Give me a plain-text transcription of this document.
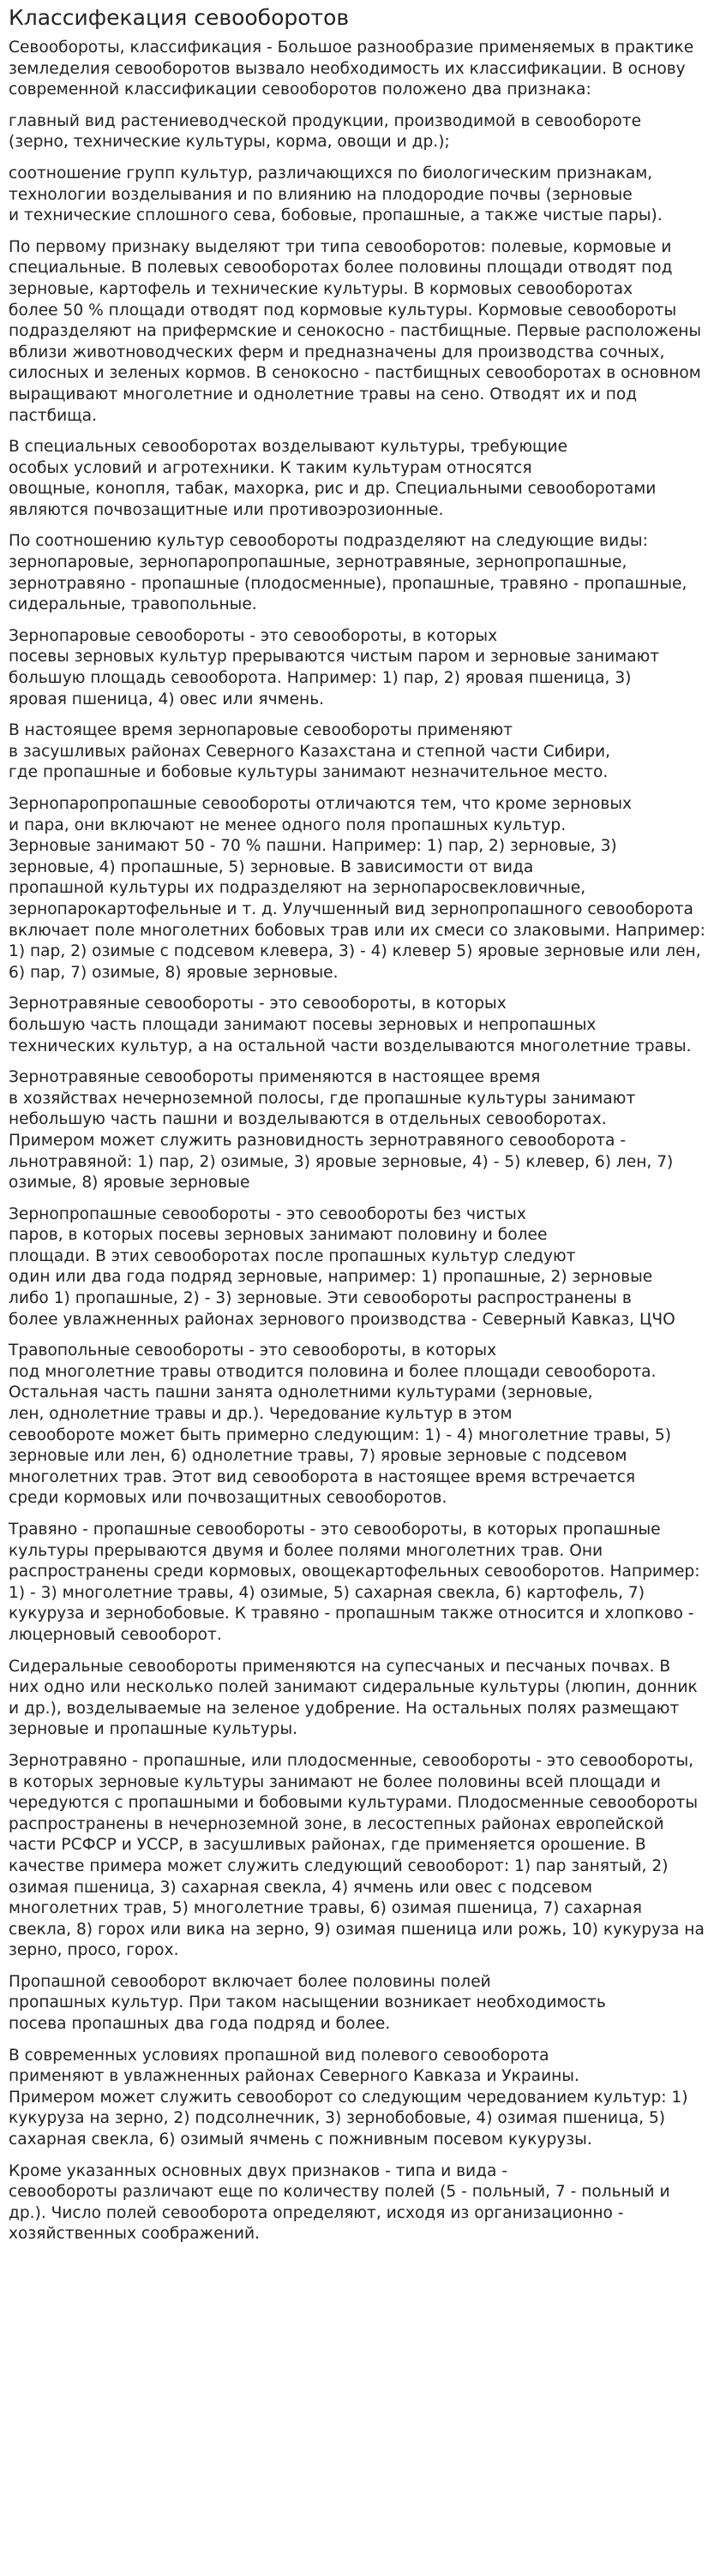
Классифекация севооборотов

Севообороты, классификация - Большое разнообразие применяемых в практике
земледелия севооборотов вызвало необходимость их классификации. В основу
современной классификации севооборотов положено два признака:

главный вид растениеводческой продукции, производимой в севообороте
(зерно, технические культуры, корма, овощи и др.);

соотношение групп культур, различающихся по биологическим признакам,
технологии возделывания и по влиянию на плодородие почвы (зерновые
и технические сплошного сева, бобовые, пропашные, а также чистые пары).

По первому признаку выделяют три типа севооборотов: полевые, кормовые и
специальные. В полевых севооборотах более половины площади отводят под
зерновые, картофель и технические культуры. В кормовых севооборотах
более 50 % площади отводят под кормовые культуры. Кормовые севообороты
подразделяют на прифермские и сенокосно - пастбищные. Первые расположены
вблизи животноводческих ферм и предназначены для производства сочных,
силосных и зеленых кормов. В сенокосно - пастбищных севооборотах в основном
выращивают многолетние и однолетние травы на сено. Отводят их и под
пастбища.

В специальных севооборотах возделывают культуры, требующие
особых условий и агротехники. К таким культурам относятся
овощные, конопля, табак, махорка, рис и др. Специальными севооборотами
являются почвозащитные или противоэрозионные.

По соотношению культур севообороты подразделяют на следующие виды:
зернопаровые, зернопаропропашные, зернотравяные, зернопропашные,
зернотравяно - пропашные (плодосменные), пропашные, травяно - пропашные,
сидеральные, травопольные.

Зернопаровые севообороты - это севообороты, в которых
посевы зерновых культур прерываются чистым паром и зерновые занимают
большую площадь севооборота. Например: 1) пар, 2) яровая пшеница, 3)
яровая пшеница, 4) овес или ячмень.

В настоящее время зернопаровые севообороты применяют
в засушливых районах Северного Казахстана и степной части Сибири,
где пропашные и бобовые культуры занимают незначительное место.

Зернопаропропашные севообороты отличаются тем, что кроме зерновых
и пара, они включают не менее одного поля пропашных культур.
Зерновые занимают 50 - 70 % пашни. Например: 1) пар, 2) зерновые, 3)
зерновые, 4) пропашные, 5) зерновые. В зависимости от вида
пропашной культуры их подразделяют на зернопаросвекловичные,
зернопарокартофельные и т. д. Улучшенный вид зернопропашного севооборота
включает поле многолетних бобовых трав или их смеси со злаковыми. Например:
1) пар, 2) озимые с подсевом клевера, 3) - 4) клевер 5) яровые зерновые или лен,
6) пар, 7) озимые, 8) яровые зерновые.

Зернотравяные севообороты - это севообороты, в которых
большую часть площади занимают посевы зерновых и непропашных
технических культур, а на остальной части возделываются многолетние травы.

Зернотравяные севообороты применяются в настоящее время
в хозяйствах нечерноземной полосы, где пропашные культуры занимают
небольшую часть пашни и возделываются в отдельных севооборотах.
Примером может служить разновидность зернотравяного севооборота -
льнотравяной: 1) пар, 2) озимые, 3) яровые зерновые, 4) - 5) клевер, 6) лен, 7)
озимые, 8) яровые зерновые

Зернопропашные севообороты - это севообороты без чистых
паров, в которых посевы зерновых занимают половину и более
площади. В этих севооборотах после пропашных культур следуют
один или два года подряд зерновые, например: 1) пропашные, 2) зерновые
либо 1) пропашные, 2) - 3) зерновые. Эти севообороты распространены в
более увлажненных районах зернового производства - Северный Кавказ, ЦЧО

Травопольные севообороты - это севообороты, в которых
под многолетние травы отводится половина и более площади севооборота.
Остальная часть пашни занята однолетними культурами (зерновые,
лен, однолетние травы и др.). Чередование культур в этом
севообороте может быть примерно следующим: 1) - 4) многолетние травы, 5)
зерновые или лен, 6) однолетние травы, 7) яровые зерновые с подсевом
многолетних трав. Этот вид севооборота в настоящее время встречается
среди кормовых или почвозащитных севооборотов.

Травяно - пропашные севообороты - это севообороты, в которых пропашные
культуры прерываются двумя и более полями многолетних трав. Они
распространены среди кормовых, овощекартофельных севооборотов. Например:
1) - 3) многолетние травы, 4) озимые, 5) сахарная свекла, 6) картофель, 7)
кукуруза и зернобобовые. К травяно - пропашным также относится и хлопково -
люцерновый севооборот.

Сидеральные севообороты применяются на супесчаных и песчаных почвах. В
них одно или несколько полей занимают сидеральные культуры (люпин, донник
и др.), возделываемые на зеленое удобрение. На остальных полях размещают
зерновые и пропашные культуры.

Зернотравяно - пропашные, или плодосменные, севообороты - это севообороты,
в которых зерновые культуры занимают не более половины всей площади и
чередуются с пропашными и бобовыми культурами. Плодосменные севообороты
распространены в нечерноземной зоне, в лесостепных районах европейской
части РСФСР и УССР, в засушливых районах, где применяется орошение. В
качестве примера может служить следующий севооборот: 1) пар занятый, 2)
озимая пшеница, 3) сахарная свекла, 4) ячмень или овес с подсевом
многолетних трав, 5) многолетние травы, 6) озимая пшеница, 7) сахарная
свекла, 8) горох или вика на зерно, 9) озимая пшеница или рожь, 10) кукуруза на
зерно, просо, горох.

Пропашной севооборот включает более половины полей
пропашных культур. При таком насыщении возникает необходимость
посева пропашных два года подряд и более.

В современных условиях пропашной вид полевого севооборота
применяют в увлажненных районах Северного Кавказа и Украины.
Примером может служить севооборот со следующим чередованием культур: 1)
кукуруза на зерно, 2) подсолнечник, 3) зернобобовые, 4) озимая пшеница, 5)
сахарная свекла, 6) озимый ячмень с пожнивным посевом кукурузы.

Кроме указанных основных двух признаков - типа и вида -
севообороты различают еще по количеству полей (5 - польный, 7 - польный и
др.). Число полей севооборота определяют, исходя из организационно -
хозяйственных соображений.
